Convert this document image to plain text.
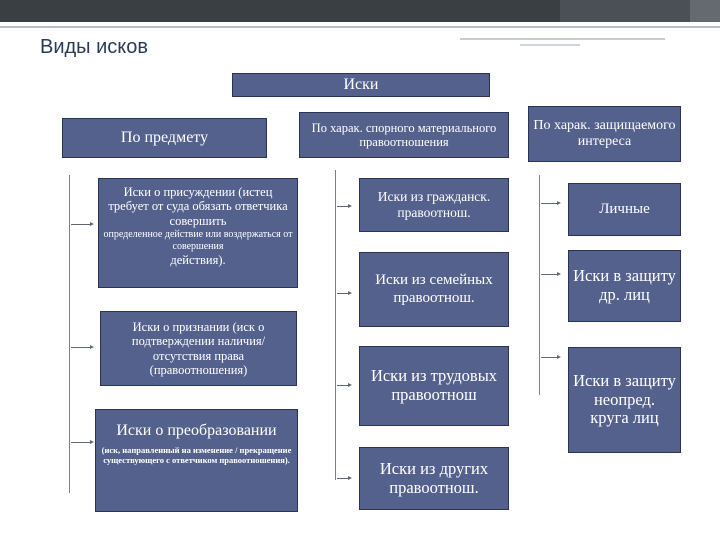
Виды исков
Иски
По предмету
Иски о присуждении (истец требует от суда обязать ответчика совершить
определенное действие или воздержаться от совершения
действия).
Иски о признании (иск о подтверждении наличия/отсутствия права (правоотношения)
Иски о преобразовании
(иск, направленный на изменение / прекращение существующего с ответчиком правоотношения).
По харак. спорного материального правоотношения
Иски из гражданск. правоотнош.
Иски из семейных правоотнош.
Иски из трудовых правоотнош
Иски из других правоотнош.
По харак. защищаемого интереса
Личные
Иски в защиту др. лиц
Иски в защиту неопред. круга лиц
